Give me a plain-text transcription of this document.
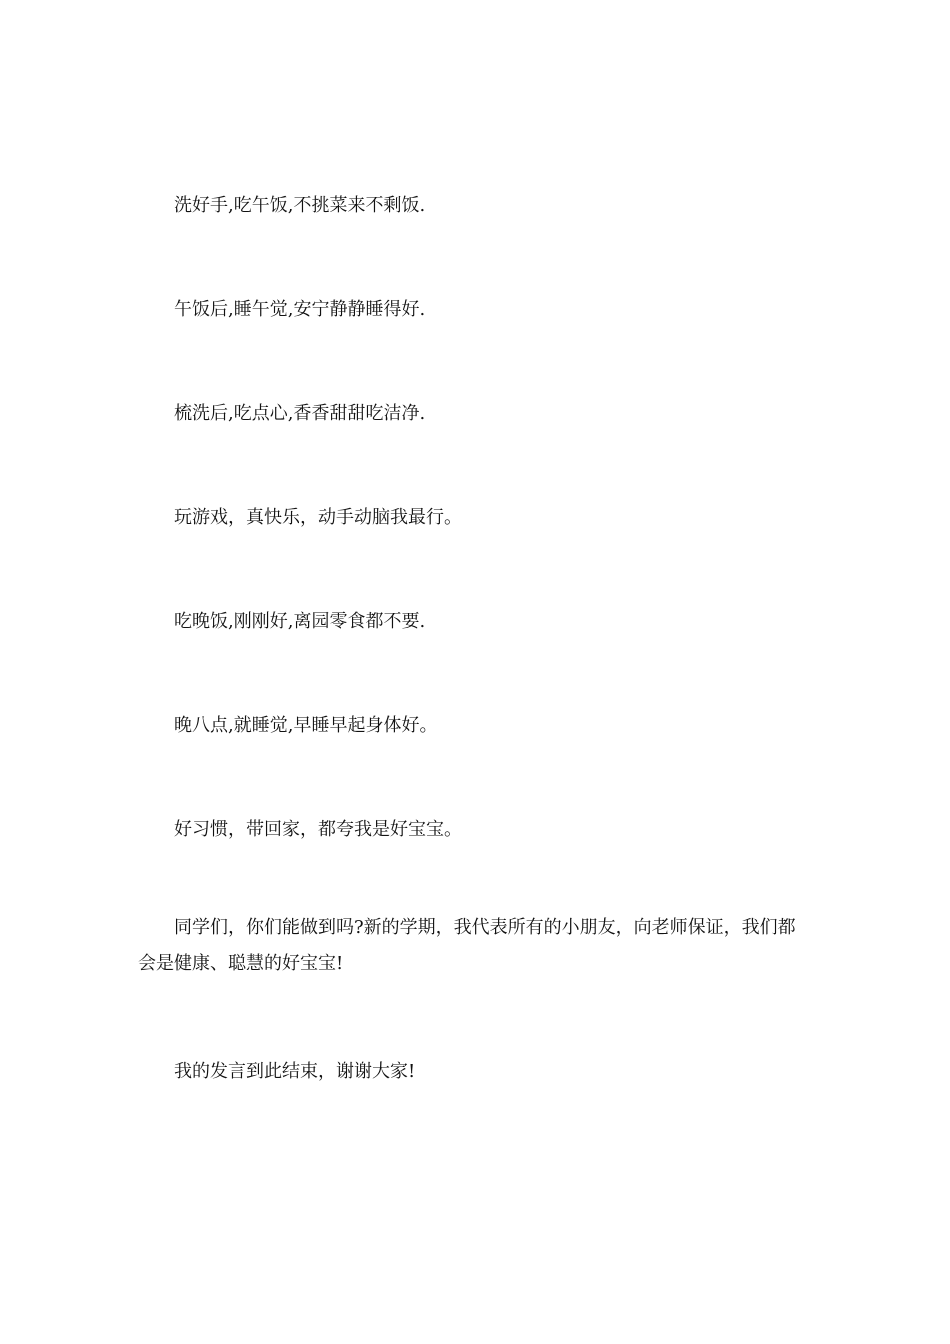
洗好手,吃午饭,不挑菜来不剩饭.

午饭后,睡午觉,安宁静静睡得好.

梳洗后,吃点心,香香甜甜吃洁净.

玩游戏，真快乐，动手动脑我最行。

吃晚饭,刚刚好,离园零食都不要.

晚八点,就睡觉,早睡早起身体好。

好习惯，带回家，都夸我是好宝宝。

同学们，你们能做到吗?新的学期，我代表所有的小朋友，向老师保证，我们都会是健康、聪慧的好宝宝!

我的发言到此结束，谢谢大家!
